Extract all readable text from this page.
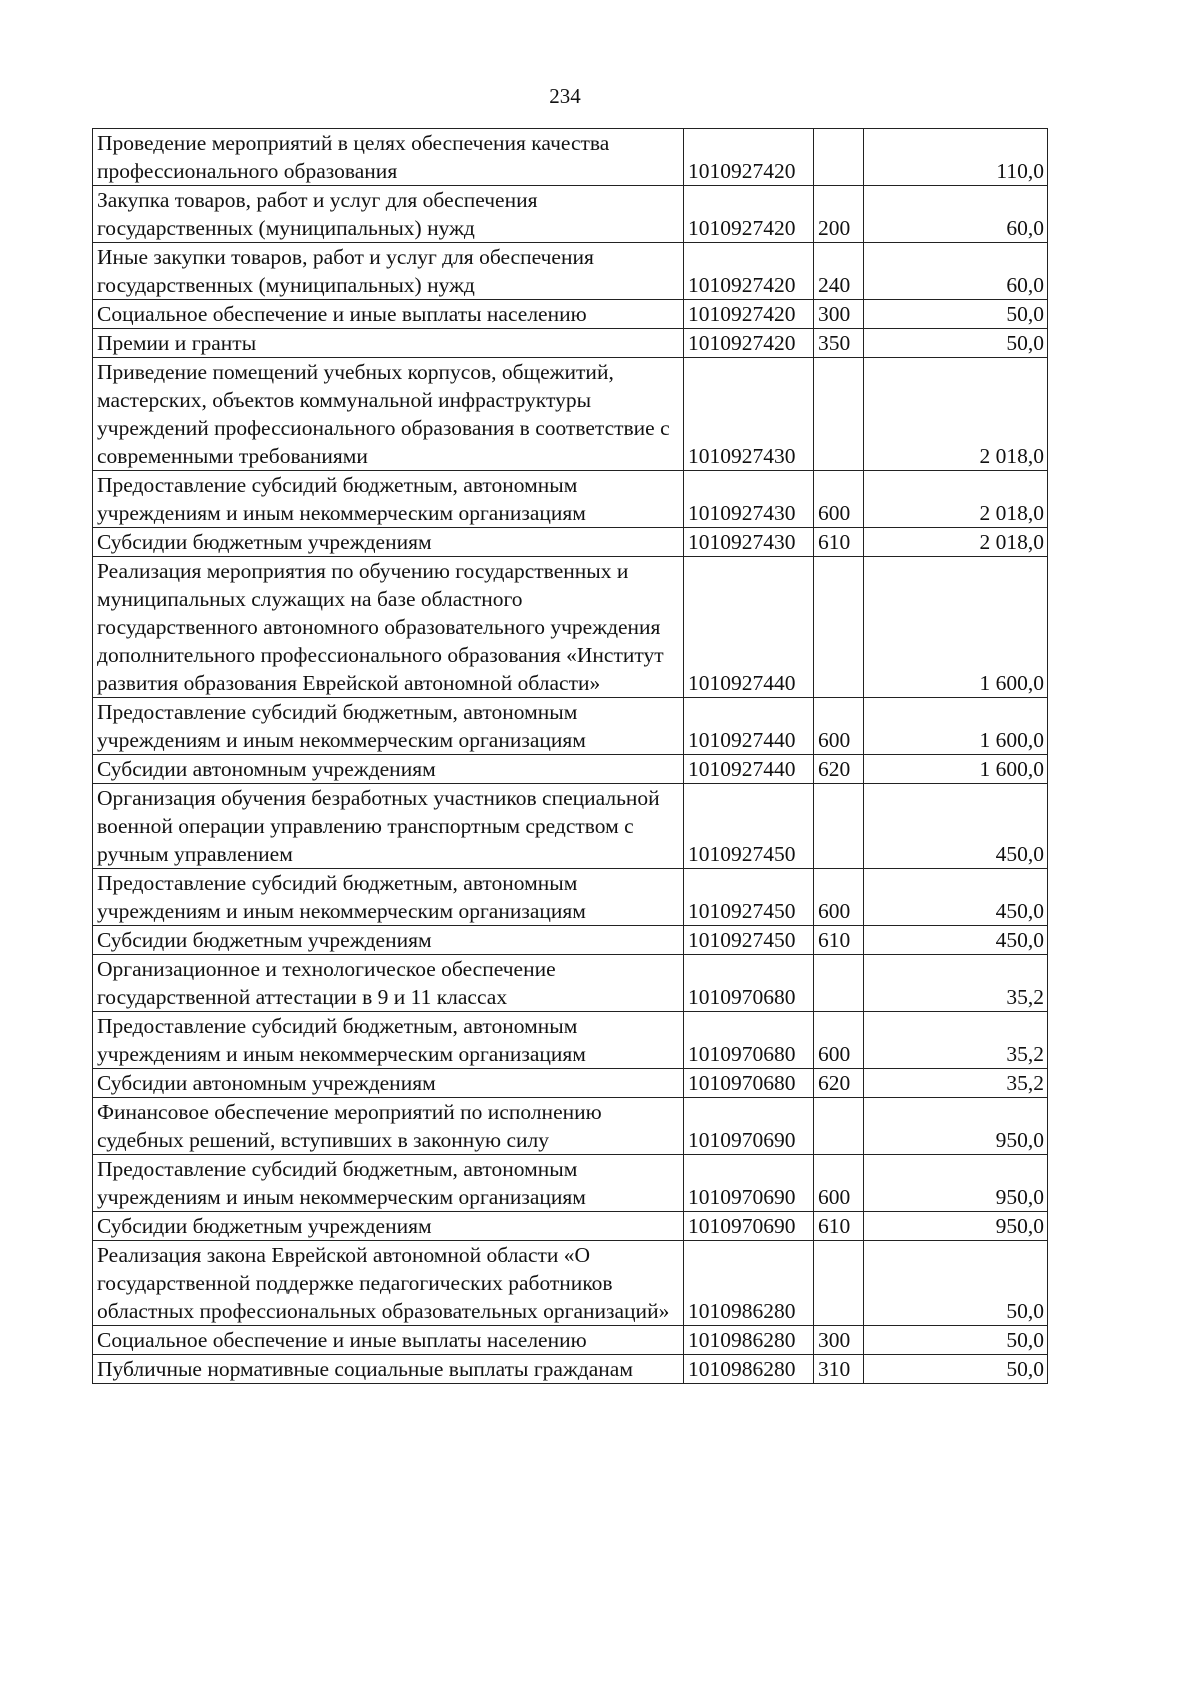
234
Проведение мероприятий в целях обеспечения качества профессионального образования	1010927420		110,0
Закупка товаров, работ и услуг для обеспечения государственных (муниципальных) нужд	1010927420	200	60,0
Иные закупки товаров, работ и услуг для обеспечения государственных (муниципальных) нужд	1010927420	240	60,0
Социальное обеспечение и иные выплаты населению	1010927420	300	50,0
Премии и гранты	1010927420	350	50,0
Приведение помещений учебных корпусов, общежитий, мастерских, объектов коммунальной инфраструктуры учреждений профессионального образования в соответствие с современными требованиями	1010927430		2 018,0
Предоставление субсидий бюджетным, автономным учреждениям и иным некоммерческим организациям	1010927430	600	2 018,0
Субсидии бюджетным учреждениям	1010927430	610	2 018,0
Реализация мероприятия по обучению государственных и муниципальных служащих на базе областного государственного автономного образовательного учреждения дополнительного профессионального образования «Институт развития образования Еврейской автономной области»	1010927440		1 600,0
Предоставление субсидий бюджетным, автономным учреждениям и иным некоммерческим организациям	1010927440	600	1 600,0
Субсидии автономным учреждениям	1010927440	620	1 600,0
Организация обучения безработных участников специальной военной операции управлению транспортным средством с ручным управлением	1010927450		450,0
Предоставление субсидий бюджетным, автономным учреждениям и иным некоммерческим организациям	1010927450	600	450,0
Субсидии бюджетным учреждениям	1010927450	610	450,0
Организационное и технологическое обеспечение государственной аттестации в 9 и 11 классах	1010970680		35,2
Предоставление субсидий бюджетным, автономным учреждениям и иным некоммерческим организациям	1010970680	600	35,2
Субсидии автономным учреждениям	1010970680	620	35,2
Финансовое обеспечение мероприятий по исполнению судебных решений, вступивших в законную силу	1010970690		950,0
Предоставление субсидий бюджетным, автономным учреждениям и иным некоммерческим организациям	1010970690	600	950,0
Субсидии бюджетным учреждениям	1010970690	610	950,0
Реализация закона Еврейской автономной области «О государственной поддержке педагогических работников областных профессиональных образовательных организаций»	1010986280		50,0
Социальное обеспечение и иные выплаты населению	1010986280	300	50,0
Публичные нормативные социальные выплаты гражданам	1010986280	310	50,0
